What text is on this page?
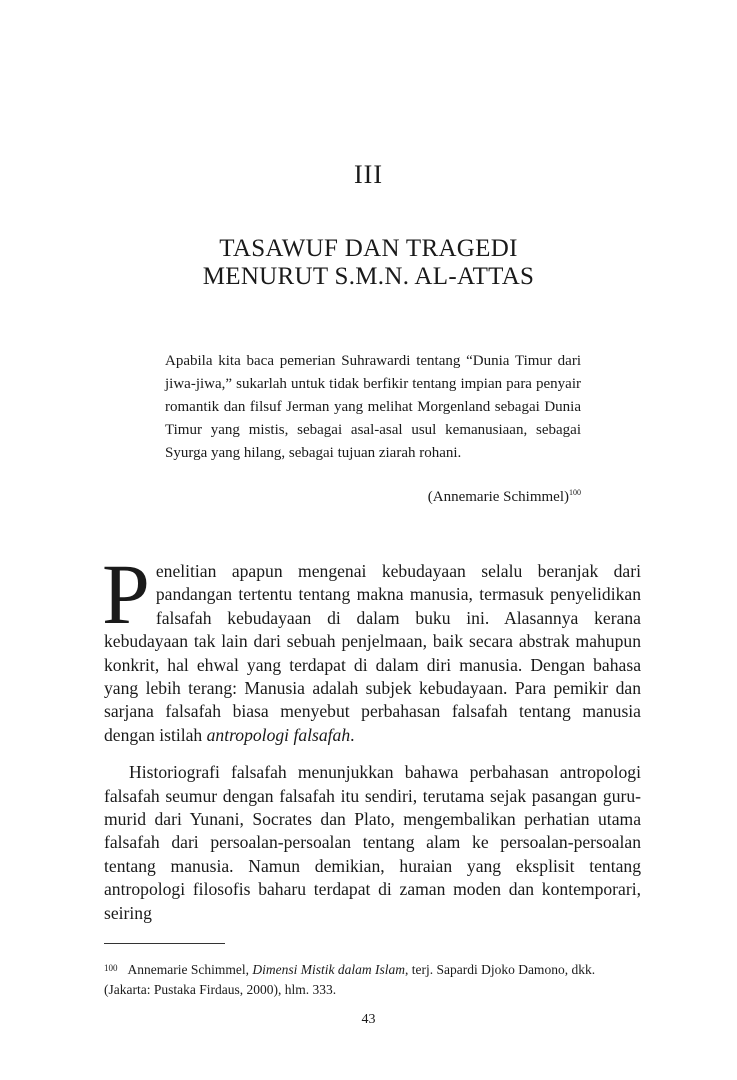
III
TASAWUF DAN TRAGEDI
MENURUT S.M.N. AL-ATTAS

Apabila kita baca pemerian Suhrawardi tentang “Dunia Timur dari jiwa-jiwa,” sukarlah untuk tidak berfikir tentang impian para penyair romantik dan filsuf Jerman yang melihat Morgenland sebagai Dunia Timur yang mistis, sebagai asal-asal usul kemanusiaan, sebagai Syurga yang hilang, sebagai tujuan ziarah rohani.

(Annemarie Schimmel)$^{100}$

Penelitian apapun mengenai kebudayaan selalu beranjak dari pandangan tertentu tentang makna manusia, termasuk penyelidikan falsafah kebudayaan di dalam buku ini. Alasannya kerana kebudayaan tak lain dari sebuah penjelmaan, baik secara abstrak mahupun konkrit, hal ehwal yang terdapat di dalam diri manusia. Dengan bahasa yang lebih terang: Manusia adalah subjek kebudayaan. Para pemikir dan sarjana falsafah biasa menyebut perbahasan falsafah tentang manusia dengan istilah antropologi falsafah.

Historiografi falsafah menunjukkan bahawa perbahasan antropologi falsafah seumur dengan falsafah itu sendiri, terutama sejak pasangan guru-murid dari Yunani, Socrates dan Plato, mengembalikan perhatian utama falsafah dari persoalan-persoalan tentang alam ke persoalan-persoalan tentang manusia. Namun demikian, huraian yang eksplisit tentang antropologi filosofis baharu terdapat di zaman moden dan kontemporari, seiring

$^{100}$ Annemarie Schimmel, Dimensi Mistik dalam Islam, terj. Sapardi Djoko Damono, dkk.
(Jakarta: Pustaka Firdaus, 2000), hlm. 333.
43
